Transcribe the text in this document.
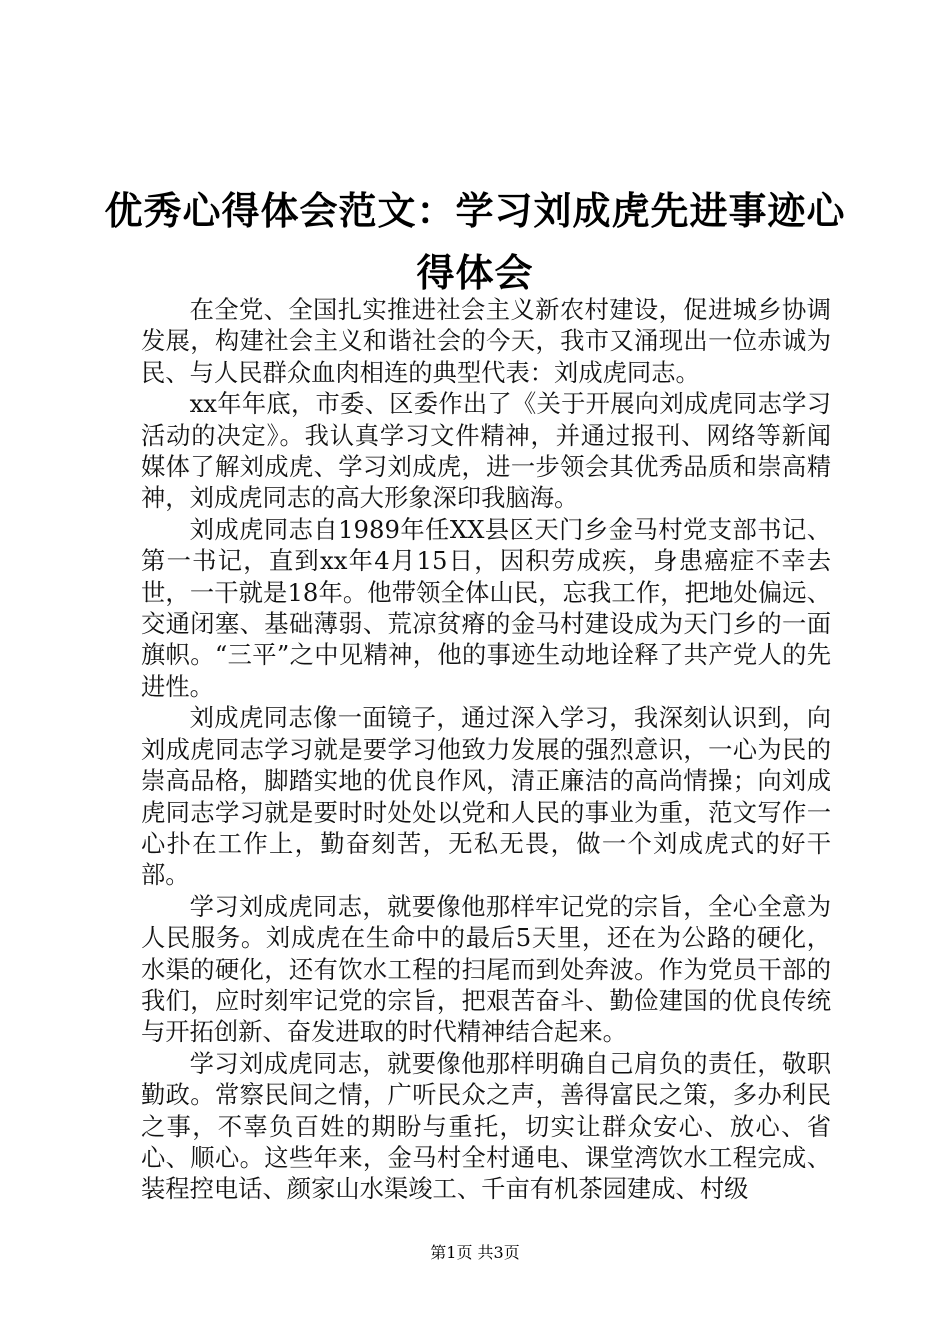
优秀心得体会范文：学习刘成虎先进事迹心得体会

在全党、全国扎实推进社会主义新农村建设，促进城乡协调发展，构建社会主义和谐社会的今天，我市又涌现出一位赤诚为民、与人民群众血肉相连的典型代表：刘成虎同志。

xx年年底，市委、区委作出了《关于开展向刘成虎同志学习活动的决定》。我认真学习文件精神，并通过报刊、网络等新闻媒体了解刘成虎、学习刘成虎，进一步领会其优秀品质和崇高精神，刘成虎同志的高大形象深印我脑海。

刘成虎同志自1989年任XX县区天门乡金马村党支部书记、第一书记，直到xx年4月15日，因积劳成疾，身患癌症不幸去世，一干就是18年。他带领全体山民，忘我工作，把地处偏远、交通闭塞、基础薄弱、荒凉贫瘠的金马村建设成为天门乡的一面旗帜。“三平”之中见精神，他的事迹生动地诠释了共产党人的先进性。

刘成虎同志像一面镜子，通过深入学习，我深刻认识到，向刘成虎同志学习就是要学习他致力发展的强烈意识，一心为民的崇高品格，脚踏实地的优良作风，清正廉洁的高尚情操；向刘成虎同志学习就是要时时处处以党和人民的事业为重，范文写作一心扑在工作上，勤奋刻苦，无私无畏，做一个刘成虎式的好干部。

学习刘成虎同志，就要像他那样牢记党的宗旨，全心全意为人民服务。刘成虎在生命中的最后5天里，还在为公路的硬化，水渠的硬化，还有饮水工程的扫尾而到处奔波。作为党员干部的我们，应时刻牢记党的宗旨，把艰苦奋斗、勤俭建国的优良传统与开拓创新、奋发进取的时代精神结合起来。

学习刘成虎同志，就要像他那样明确自己肩负的责任，敬职勤政。常察民间之情，广听民众之声，善得富民之策，多办利民之事，不辜负百姓的期盼与重托，切实让群众安心、放心、省心、顺心。这些年来，金马村全村通电、课堂湾饮水工程完成、装程控电话、颜家山水渠竣工、千亩有机茶园建成、村级

第1页 共3页
